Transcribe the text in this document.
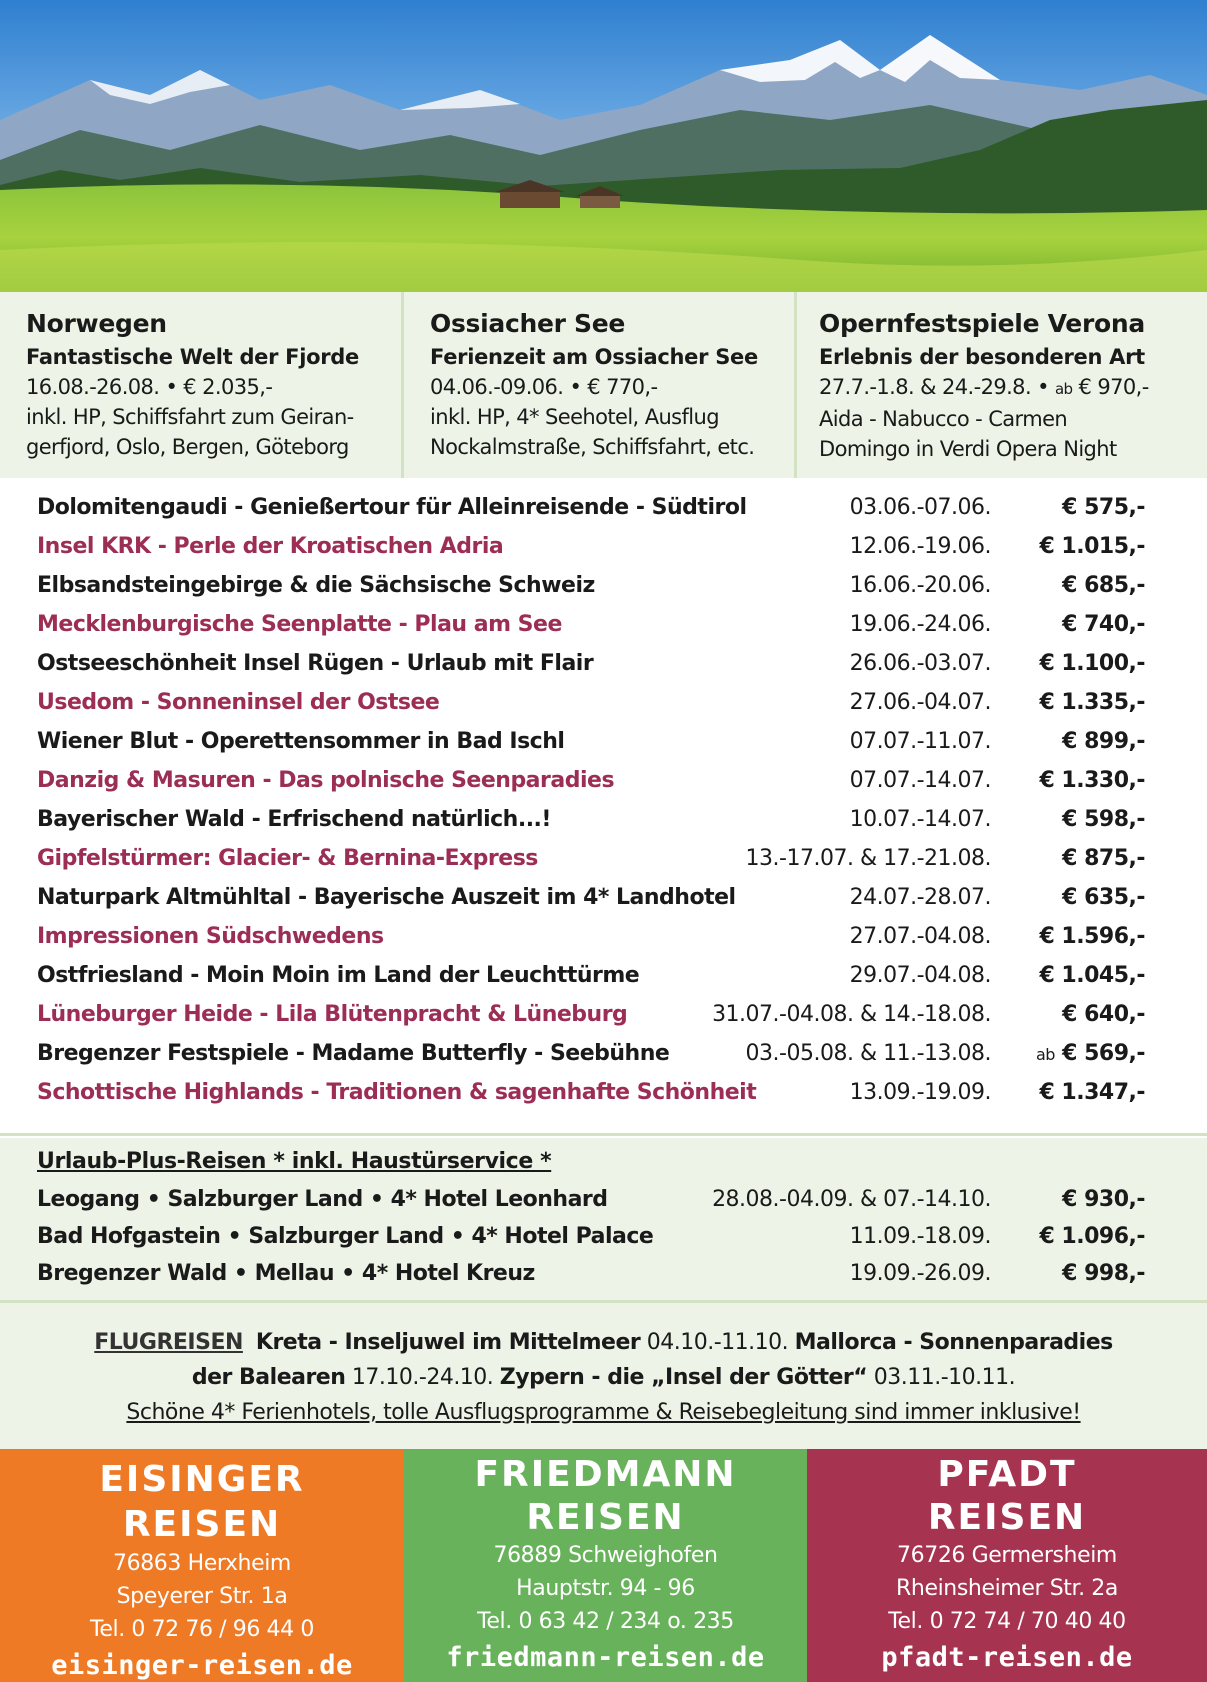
Norwegen
Fantastische Welt der Fjorde
16.08.-26.08. • € 2.035,-
inkl. HP, Schiffsfahrt zum Geiran-
gerfjord, Oslo, Bergen, Göteborg
Ossiacher See
Ferienzeit am Ossiacher See
04.06.-09.06. • € 770,-
inkl. HP, 4* Seehotel, Ausflug
Nockalmstraße, Schiffsfahrt, etc.
Opernfestspiele Verona
Erlebnis der besonderen Art
27.7.-1.8. & 24.-29.8. • ab € 970,-
Aida - Nabucco - Carmen
Domingo in Verdi Opera Night
Dolomitengaudi - Genießertour für Alleinreisende - Südtirol	03.06.-07.06.	€ 575,-
Insel KRK - Perle der Kroatischen Adria	12.06.-19.06. € 1.015,-
Elbsandsteingebirge & die Sächsische Schweiz	16.06.-20.06.	€ 685,-
Mecklenburgische Seenplatte - Plau am See	19.06.-24.06.	€ 740,-
Ostseeschönheit Insel Rügen - Urlaub mit Flair	26.06.-03.07. € 1.100,-
Usedom - Sonneninsel der Ostsee	27.06.-04.07. € 1.335,-
Wiener Blut - Operettensommer in Bad Ischl	07.07.-11.07.	€ 899,-
Danzig & Masuren - Das polnische Seenparadies	07.07.-14.07. € 1.330,-
Bayerischer Wald - Erfrischend natürlich...!	10.07.-14.07.	€ 598,-
Gipfelstürmer: Glacier- & Bernina-Express	13.-17.07. & 17.-21.08.	€ 875,-
Naturpark Altmühltal - Bayerische Auszeit im 4* Landhotel	24.07.-28.07.	€ 635,-
Impressionen Südschwedens	27.07.-04.08. € 1.596,-
Ostfriesland - Moin Moin im Land der Leuchttürme	29.07.-04.08. € 1.045,-
Lüneburger Heide - Lila Blütenpracht & Lüneburg	31.07.-04.08. & 14.-18.08.	€ 640,-
Bregenzer Festspiele - Madame Butterfly - Seebühne	03.-05.08. & 11.-13.08.	ab € 569,-
Schottische Highlands - Traditionen & sagenhafte Schönheit	13.09.-19.09. € 1.347,-
Urlaub-Plus-Reisen * inkl. Haustürservice *
Leogang • Salzburger Land • 4* Hotel Leonhard	28.08.-04.09. & 07.-14.10.	€ 930,-
Bad Hofgastein • Salzburger Land • 4* Hotel Palace	11.09.-18.09. € 1.096,-
Bregenzer Wald • Mellau • 4* Hotel Kreuz	19.09.-26.09.	€ 998,-

FLUGREISEN Kreta - Inseljuwel im Mittelmeer 04.10.-11.10. Mallorca - Sonnenparadies

der Balearen 17.10.-24.10. Zypern - die „Insel der Götter“ 03.11.-10.11.

Schöne 4* Ferienhotels, tolle Ausflugsprogramme & Reisebegleitung sind immer inklusive!

EISINGER
REISEN
76863 Herxheim
Speyerer Str. 1a
Tel. 0 72 76 / 96 44 0
eisinger-reisen.de
FRIEDMANN
REISEN
76889 Schweighofen
Hauptstr. 94 - 96
Tel. 0 63 42 / 234 o. 235
friedmann-reisen.de
PFADT
REISEN
76726 Germersheim
Rheinsheimer Str. 2a
Tel. 0 72 74 / 70 40 40
pfadt-reisen.de
